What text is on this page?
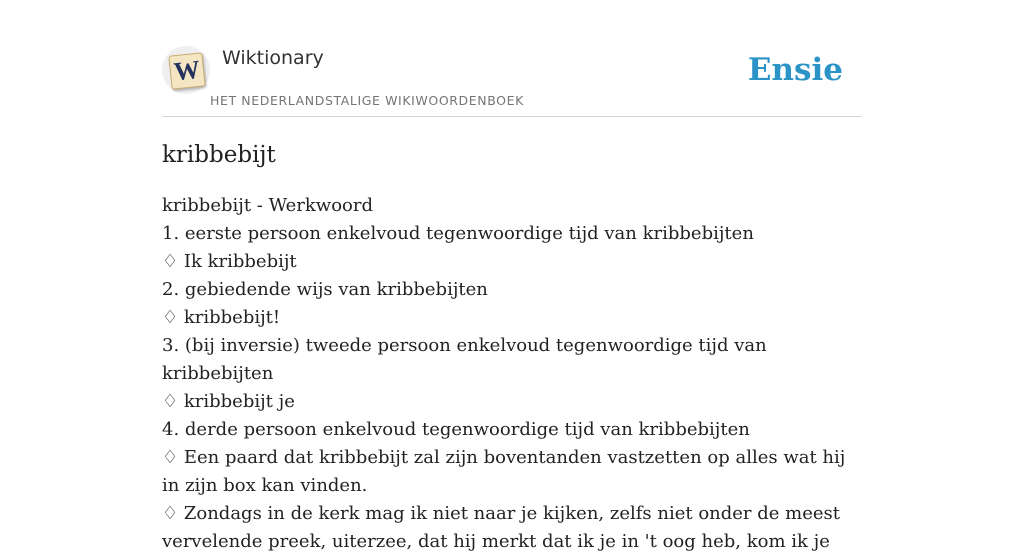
W Wiktionary
HET NEDERLANDSTALIGE WIKIWOORDENBOEK
Ensie
kribbebijt
kribbebijt - Werkwoord
1. eerste persoon enkelvoud tegenwoordige tijd van kribbebijten
♢ Ik kribbebijt
2. gebiedende wijs van kribbebijten
♢ kribbebijt!
3. (bij inversie) tweede persoon enkelvoud tegenwoordige tijd van kribbebijten
♢ kribbebijt je
4. derde persoon enkelvoud tegenwoordige tijd van kribbebijten
♢ Een paard dat kribbebijt zal zijn boventanden vastzetten op alles wat hij in zijn box kan vinden.
♢ Zondags in de kerk mag ik niet naar je kijken, zelfs niet onder de meest vervelende preek, uiterzee, dat hij merkt dat ik je in 't oog heb, kom ik je
